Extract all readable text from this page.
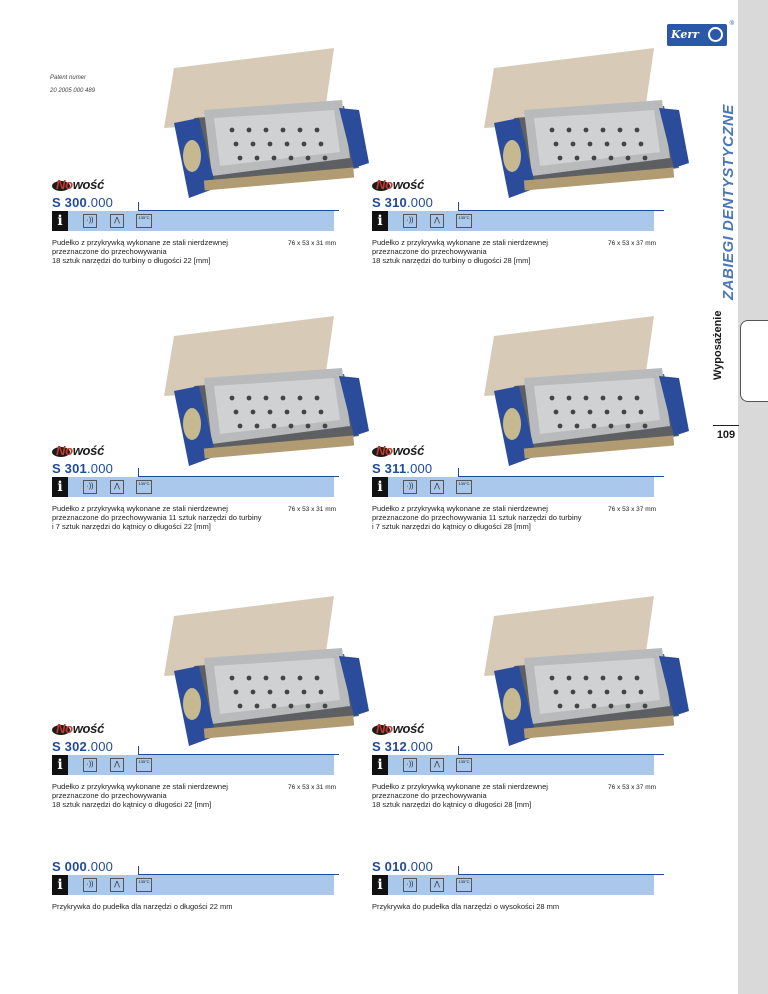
Kerr
®
ZABIEGI DENTYSTYCZNE
Wyposażenie
109
Patent numer
20 2005 000 489
Nowość
S 300.000
i	·))	⋀	135°C
Pudełko z przykrywką wykonane ze stali nierdzewnej
przeznaczone do przechowywania
18 sztuk narzędzi do turbiny o długości 22 [mm]
76 x 53 x 31 mm
Nowość
S 310.000
i	·))	⋀	135°C
Pudełko z przykrywką wykonane ze stali nierdzewnej
przeznaczone do przechowywania
18 sztuk narzędzi do turbiny o długości 28 [mm]
76 x 53 x 37 mm
Nowość
S 301.000
i	·))	⋀	135°C
Pudełko z przykrywką wykonane ze stali nierdzewnej
przeznaczone do przechowywania 11 sztuk narzędzi do turbiny
i 7 sztuk narzędzi do kątnicy o długości 22 [mm]
76 x 53 x 31 mm
Nowość
S 311.000
i	·))	⋀	135°C
Pudełko z przykrywką wykonane ze stali nierdzewnej
przeznaczone do przechowywania 11 sztuk narzędzi do turbiny
i 7 sztuk narzędzi do kątnicy o długości 28 [mm]
76 x 53 x 37 mm
Nowość
S 302.000
i	·))	⋀	135°C
Pudełko z przykrywką wykonane ze stali nierdzewnej
przeznaczone do przechowywania
18 sztuk narzędzi do kątnicy o długości 22 [mm]
76 x 53 x 31 mm
Nowość
S 312.000
i	·))	⋀	135°C
Pudełko z przykrywką wykonane ze stali nierdzewnej
przeznaczone do przechowywania
18 sztuk narzędzi do kątnicy o długości 28 [mm]
76 x 53 x 37 mm
S 000.000
i	·))	⋀	135°C
Przykrywka do pudełka dla narzędzi o długości 22 mm
S 010.000
i	·))	⋀	135°C
Przykrywka do pudełka dla narzędzi o wysokości 28 mm
